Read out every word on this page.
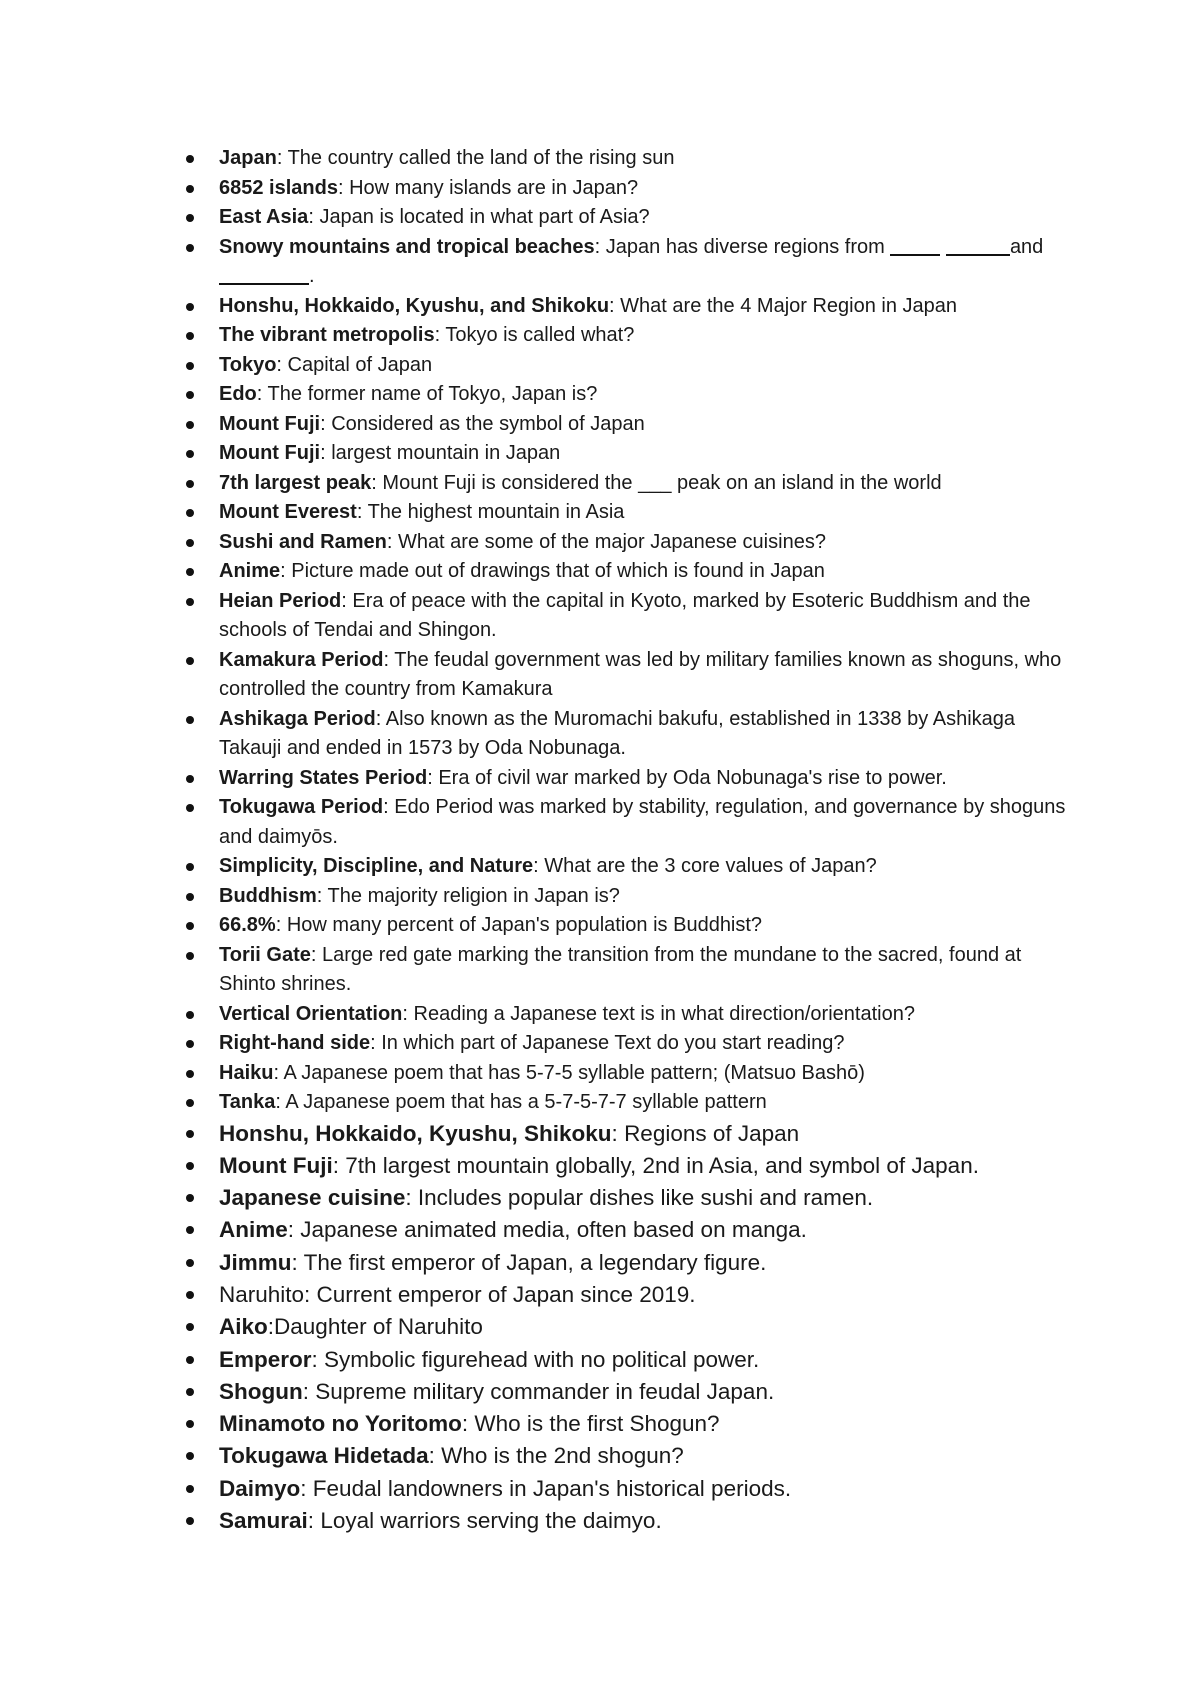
Japan: The country called the land of the rising sun
6852 islands: How many islands are in Japan?
East Asia: Japan is located in what part of Asia?
Snowy mountains and tropical beaches: Japan has diverse regions from	and .
Honshu, Hokkaido, Kyushu, and Shikoku: What are the 4 Major Region in Japan
The vibrant metropolis: Tokyo is called what?
Tokyo: Capital of Japan
Edo: The former name of Tokyo, Japan is?
Mount Fuji: Considered as the symbol of Japan
Mount Fuji: largest mountain in Japan
7th largest peak: Mount Fuji is considered the ___ peak on an island in the world
Mount Everest: The highest mountain in Asia
Sushi and Ramen: What are some of the major Japanese cuisines?
Anime: Picture made out of drawings that of which is found in Japan
Heian Period: Era of peace with the capital in Kyoto, marked by Esoteric Buddhism and the schools of Tendai and Shingon.
Kamakura Period: The feudal government was led by military families known as shoguns, who controlled the country from Kamakura
Ashikaga Period: Also known as the Muromachi bakufu, established in 1338 by Ashikaga Takauji and ended in 1573 by Oda Nobunaga.
Warring States Period: Era of civil war marked by Oda Nobunaga's rise to power.
Tokugawa Period: Edo Period was marked by stability, regulation, and governance by shoguns and daimyōs.
Simplicity, Discipline, and Nature: What are the 3 core values of Japan?
Buddhism: The majority religion in Japan is?
66.8%: How many percent of Japan's population is Buddhist?
Torii Gate: Large red gate marking the transition from the mundane to the sacred, found at Shinto shrines.
Vertical Orientation: Reading a Japanese text is in what direction/orientation?
Right-hand side: In which part of Japanese Text do you start reading?
Haiku: A Japanese poem that has 5-7-5 syllable pattern; (Matsuo Bashō)
Tanka: A Japanese poem that has a 5-7-5-7-7 syllable pattern
Honshu, Hokkaido, Kyushu, Shikoku: Regions of Japan
Mount Fuji: 7th largest mountain globally, 2nd in Asia, and symbol of Japan.
Japanese cuisine: Includes popular dishes like sushi and ramen.
Anime: Japanese animated media, often based on manga.
Jimmu: The first emperor of Japan, a legendary figure.
Naruhito: Current emperor of Japan since 2019.
Aiko:Daughter of Naruhito
Emperor: Symbolic figurehead with no political power.
Shogun: Supreme military commander in feudal Japan.
Minamoto no Yoritomo: Who is the first Shogun?
Tokugawa Hidetada: Who is the 2nd shogun?
Daimyo: Feudal landowners in Japan's historical periods.
Samurai: Loyal warriors serving the daimyo.
